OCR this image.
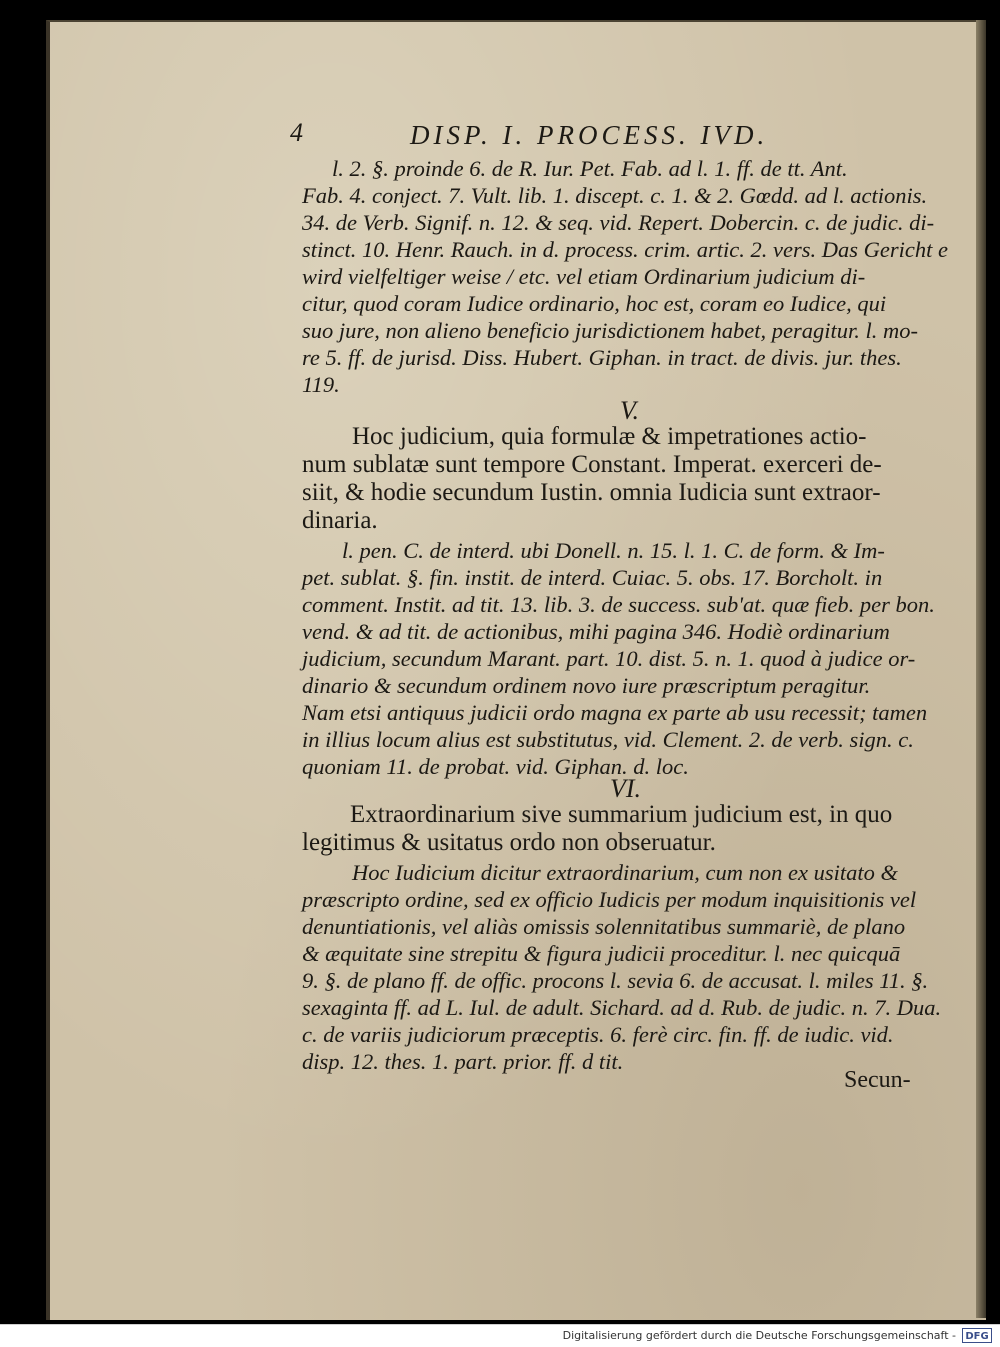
4	DISP. I. PROCESS. IVD.
l. 2. §. proinde 6. de R. Iur. Pet. Fab. ad l. 1. ff. de tt. Ant.
Fab. 4. conject. 7. Vult. lib. 1. discept. c. 1. & 2. Gœdd. ad l. actionis.
34. de Verb. Signif. n. 12. & seq. vid. Repert. Dobercin. c. de judic. di-
stinct. 10. Henr. Rauch. in d. process. crim. artic. 2. vers. Das Gericht e
wird vielfeltiger weise / etc. vel etiam Ordinarium judicium di-
citur, quod coram Iudice ordinario, hoc est, coram eo Iudice, qui
suo jure, non alieno beneficio jurisdictionem habet, peragitur. l. mo-
re 5. ff. de jurisd. Diss. Hubert. Giphan. in tract. de divis. jur. thes.
119.
V.
Hoc judicium, quia formulæ & impetrationes actio-
num sublatæ sunt tempore Constant. Imperat. exerceri de-
siit, & hodie secundum Iustin. omnia Iudicia sunt extraor-
dinaria.
l. pen. C. de interd. ubi Donell. n. 15. l. 1. C. de form. & Im-
pet. sublat. §. fin. instit. de interd. Cuiac. 5. obs. 17. Borcholt. in
comment. Instit. ad tit. 13. lib. 3. de success. sub'at. quæ fieb. per bon.
vend. & ad tit. de actionibus, mihi pagina 346. Hodiè ordinarium
judicium, secundum Marant. part. 10. dist. 5. n. 1. quod à judice or-
dinario & secundum ordinem novo iure præscriptum peragitur.
Nam etsi antiquus judicii ordo magna ex parte ab usu recessit; tamen
in illius locum alius est substitutus, vid. Clement. 2. de verb. sign. c.
quoniam 11. de probat. vid. Giphan. d. loc.
VI.
Extraordinarium sive summarium judicium est, in quo
legitimus & usitatus ordo non obseruatur.
Hoc Iudicium dicitur extraordinarium, cum non ex usitato &
præscripto ordine, sed ex officio Iudicis per modum inquisitionis vel
denuntiationis, vel aliàs omissis solennitatibus summariè, de plano
& æquitate sine strepitu & figura judicii proceditur. l. nec quicquā
9. §. de plano ff. de offic. procons l. sevia 6. de accusat. l. miles 11. §.
sexaginta ff. ad L. Iul. de adult. Sichard. ad d. Rub. de judic. n. 7. Dua.
c. de variis judiciorum præceptis. 6. ferè circ. fin. ff. de iudic. vid.
disp. 12. thes. 1. part. prior. ff. d tit.
Secun-
Digitalisierung gefördert durch die Deutsche Forschungsgemeinschaft - DFG
